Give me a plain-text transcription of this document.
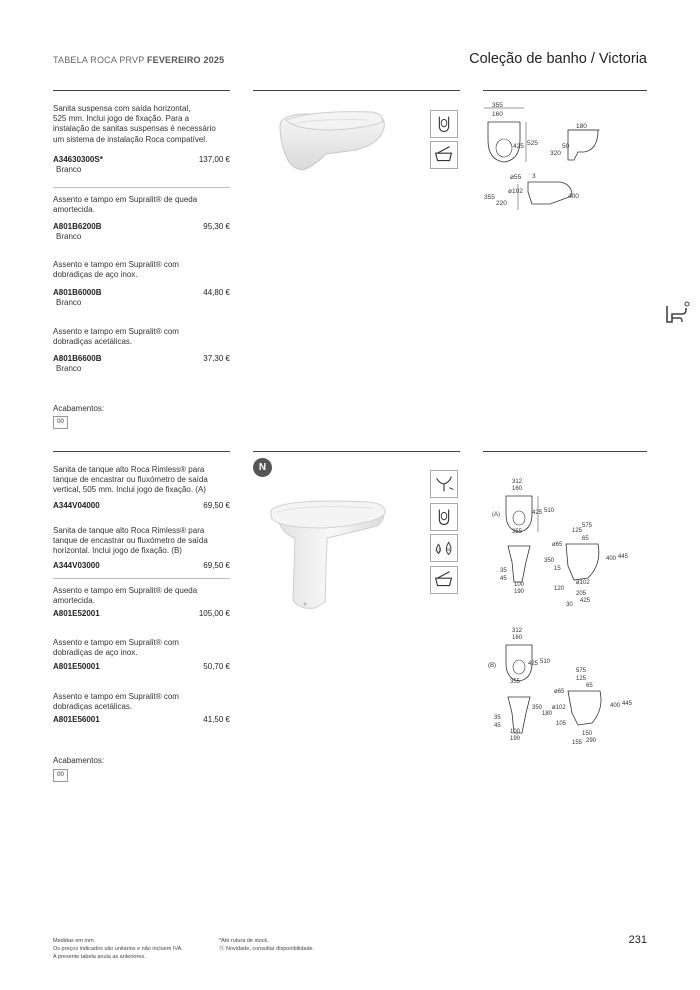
TABELA ROCA PRVP FEVEREIRO 2025	Coleção de banho / Victoria
Sanita suspensa com saída horizontal,
525 mm. Inclui jogo de fixação. Para a
instalação de sanitas suspensas é necessário
um sistema de instalação Roca compatível.
A34630300S*	137,00 €
Branco
Assento e tampo em Supralit® de queda
amortecida.
A801B6200B	95,30 €
Branco
Assento e tampo em Supralit® com
dobradiças de aço inox.
A801B6000B	44,80 €
Branco
Assento e tampo em Supralit® com
dobradiças acetálicas.
A801B6600B	37,30 €
Branco
Acabamentos:
00
355
160
425 525
180
320
50
ø55
355
ø102
220
400
3
N
Sanita de tanque alto Roca Rimless® para
tanque de encastrar ou fluxómetro de saída
vertical, 505 mm. Inclui jogo de fixação. (A)
A344V04000	69,50 €
Sanita de tanque alto Roca Rimless® para
tanque de encastrar ou fluxómetro de saída
horizontal. Inclui jogo de fixação. (B)
A344V03000	69,50 €
Assento e tampo em Supralit® de queda
amortecida.
A801E52001	105,00 €
Assento e tampo em Supralit® com
dobradiças de aço inox.
A801E50001	50,70 €
Assento e tampo em Supralit® com
dobradiças acetálicas.
A801E56001	41,50 €
Acabamentos:
00
4,5 3L
312
160
(A)	425 510
355
575
125
65
ø65
350
15
400 445
35
45
100
190	120
ø102
205
425
30
312
160
(B)	425 510
355
575
125
65
ø65
350 ø102
180
400 445
35
45	105
100
190
150
155 290
Medidas em mm.
Os preços indicados são unitários e não incluem IVA.
A presente tabela anula as anteriores.
*Até rutura de stock.
Ⓝ Novidade, consultar disponibilidade.
231
